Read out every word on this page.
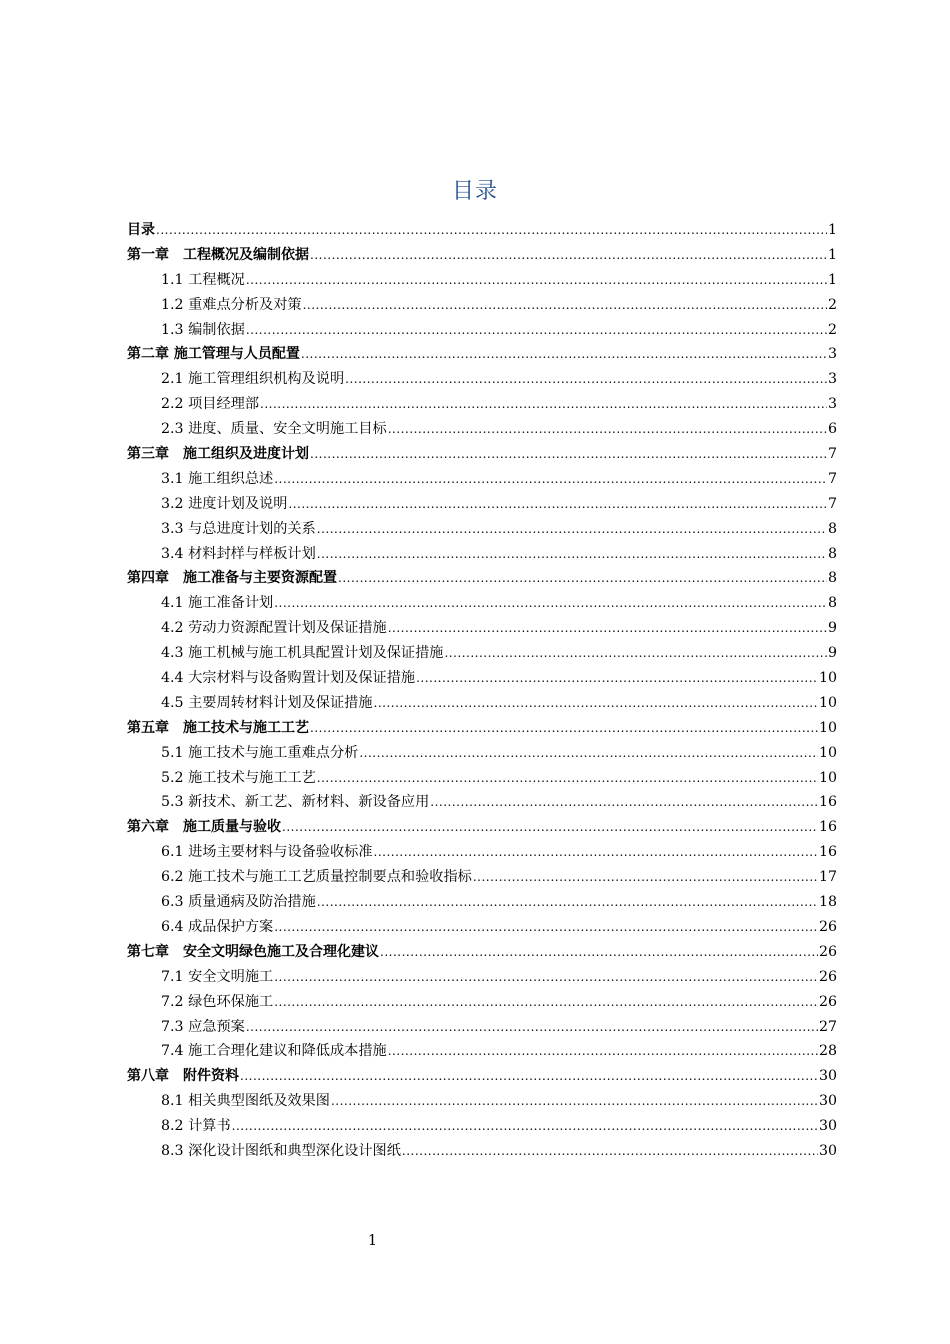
目录
目录 .....	1
第一章　工程概况及编制依据 .....	1
1.1 工程概况 .....	1
1.2 重难点分析及对策 .....	2
1.3 编制依据 .....	2
第二章 施工管理与人员配置 .....	3
2.1 施工管理组织机构及说明 .....	3
2.2 项目经理部 .....	3
2.3 进度、质量、安全文明施工目标 .....	6
第三章　施工组织及进度计划 .....	7
3.1 施工组织总述 .....	7
3.2 进度计划及说明 .....	7
3.3 与总进度计划的关系 .....	8
3.4 材料封样与样板计划 .....	8
第四章　施工准备与主要资源配置 .....	8
4.1 施工准备计划 .....	8
4.2 劳动力资源配置计划及保证措施 .....	9
4.3 施工机械与施工机具配置计划及保证措施 .....	9
4.4 大宗材料与设备购置计划及保证措施 .....	10
4.5 主要周转材料计划及保证措施 .....	10
第五章　施工技术与施工工艺 .....	10
5.1 施工技术与施工重难点分析 .....	10
5.2 施工技术与施工工艺 .....	10
5.3 新技术、新工艺、新材料、新设备应用 .....	16
第六章　施工质量与验收 .....	16
6.1 进场主要材料与设备验收标准 .....	16
6.2 施工技术与施工工艺质量控制要点和验收指标 .....	17
6.3 质量通病及防治措施 .....	18
6.4 成品保护方案 .....	26
第七章　安全文明绿色施工及合理化建议 .....	26
7.1 安全文明施工 .....	26
7.2 绿色环保施工 .....	26
7.3 应急预案 .....	27
7.4 施工合理化建议和降低成本措施 .....	28
第八章　附件资料 .....	30
8.1 相关典型图纸及效果图 .....	30
8.2 计算书 .....	30
8.3 深化设计图纸和典型深化设计图纸 .....	30
1
